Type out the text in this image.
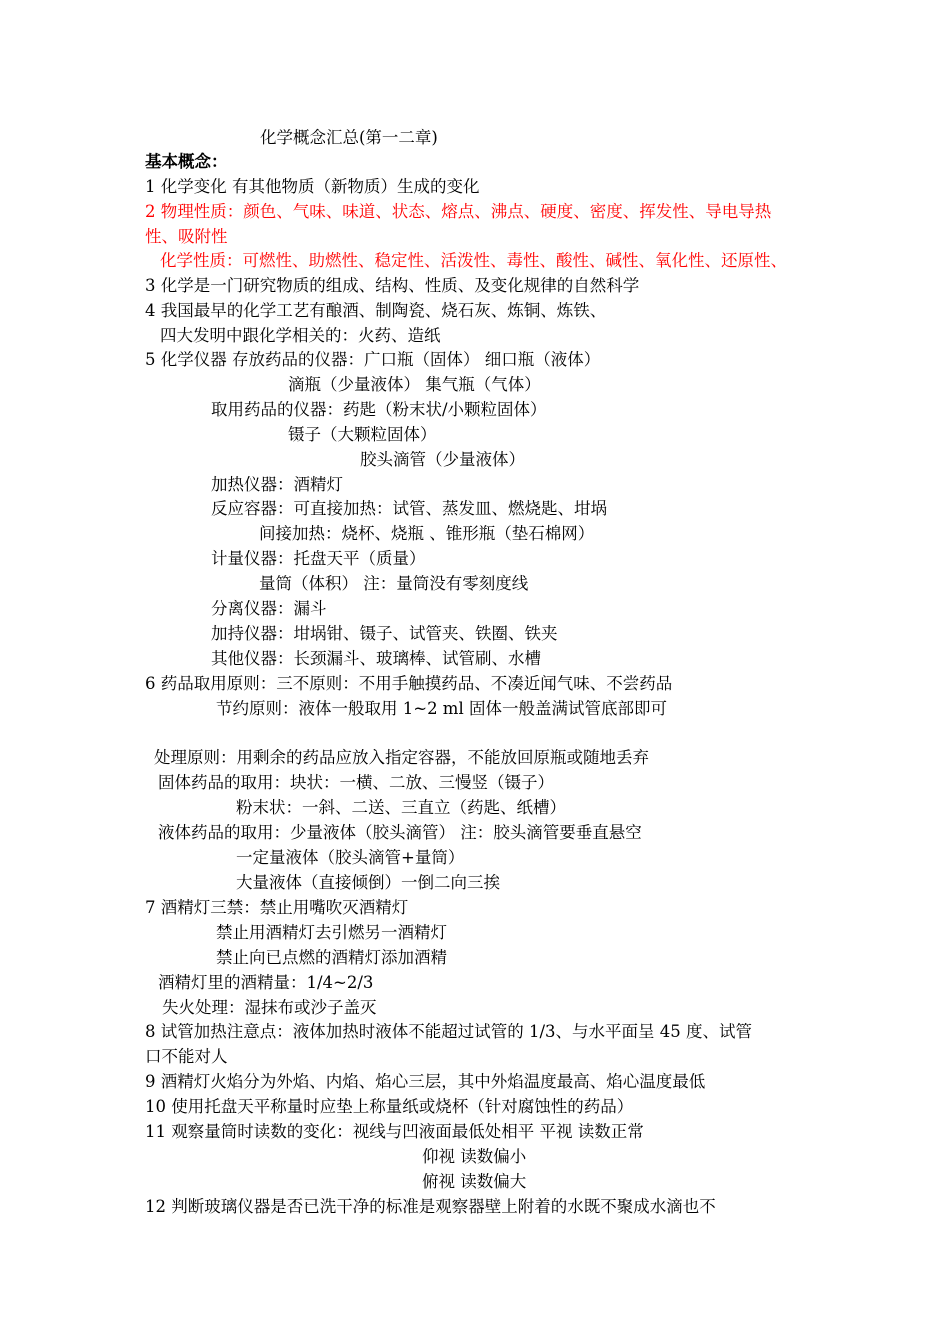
化学概念汇总(第一二章)
基本概念：
1 化学变化 有其他物质（新物质）生成的变化
2 物理性质：颜色、气味、味道、状态、熔点、沸点、硬度、密度、挥发性、导电导热
性、吸附性
化学性质：可燃性、助燃性、稳定性、活泼性、毒性、酸性、碱性、氧化性、还原性、
3 化学是一门研究物质的组成、结构、性质、及变化规律的自然科学
4 我国最早的化学工艺有酿酒、制陶瓷、烧石灰、炼铜、炼铁、
四大发明中跟化学相关的：火药、造纸
5 化学仪器 存放药品的仪器：广口瓶（固体） 细口瓶（液体）
滴瓶（少量液体） 集气瓶（气体）
取用药品的仪器：药匙（粉末状/小颗粒固体）
镊子（大颗粒固体）
胶头滴管（少量液体）
加热仪器：酒精灯
反应容器：可直接加热：试管、蒸发皿、燃烧匙、坩埚
间接加热：烧杯、烧瓶 、锥形瓶（垫石棉网）
计量仪器：托盘天平（质量）
量筒（体积） 注：量筒没有零刻度线
分离仪器：漏斗
加持仪器：坩埚钳、镊子、试管夹、铁圈、铁夹
其他仪器：长颈漏斗、玻璃棒、试管刷、水槽
6 药品取用原则：三不原则：不用手触摸药品、不凑近闻气味、不尝药品
节约原则：液体一般取用 1~2 ml 固体一般盖满试管底部即可
处理原则：用剩余的药品应放入指定容器，不能放回原瓶或随地丢弃
固体药品的取用：块状：一横、二放、三慢竖（镊子）
粉末状：一斜、二送、三直立（药匙、纸槽）
液体药品的取用：少量液体（胶头滴管） 注：胶头滴管要垂直悬空
一定量液体（胶头滴管+量筒）
大量液体（直接倾倒）一倒二向三挨
7 酒精灯三禁：禁止用嘴吹灭酒精灯
禁止用酒精灯去引燃另一酒精灯
禁止向已点燃的酒精灯添加酒精
酒精灯里的酒精量：1/4~2/3
失火处理：湿抹布或沙子盖灭
8 试管加热注意点：液体加热时液体不能超过试管的 1/3、与水平面呈 45 度、试管
口不能对人
9 酒精灯火焰分为外焰、内焰、焰心三层，其中外焰温度最高、焰心温度最低
10 使用托盘天平称量时应垫上称量纸或烧杯（针对腐蚀性的药品）
11 观察量筒时读数的变化：视线与凹液面最低处相平 平视 读数正常
仰视 读数偏小
俯视 读数偏大
12 判断玻璃仪器是否已洗干净的标准是观察器壁上附着的水既不聚成水滴也不
